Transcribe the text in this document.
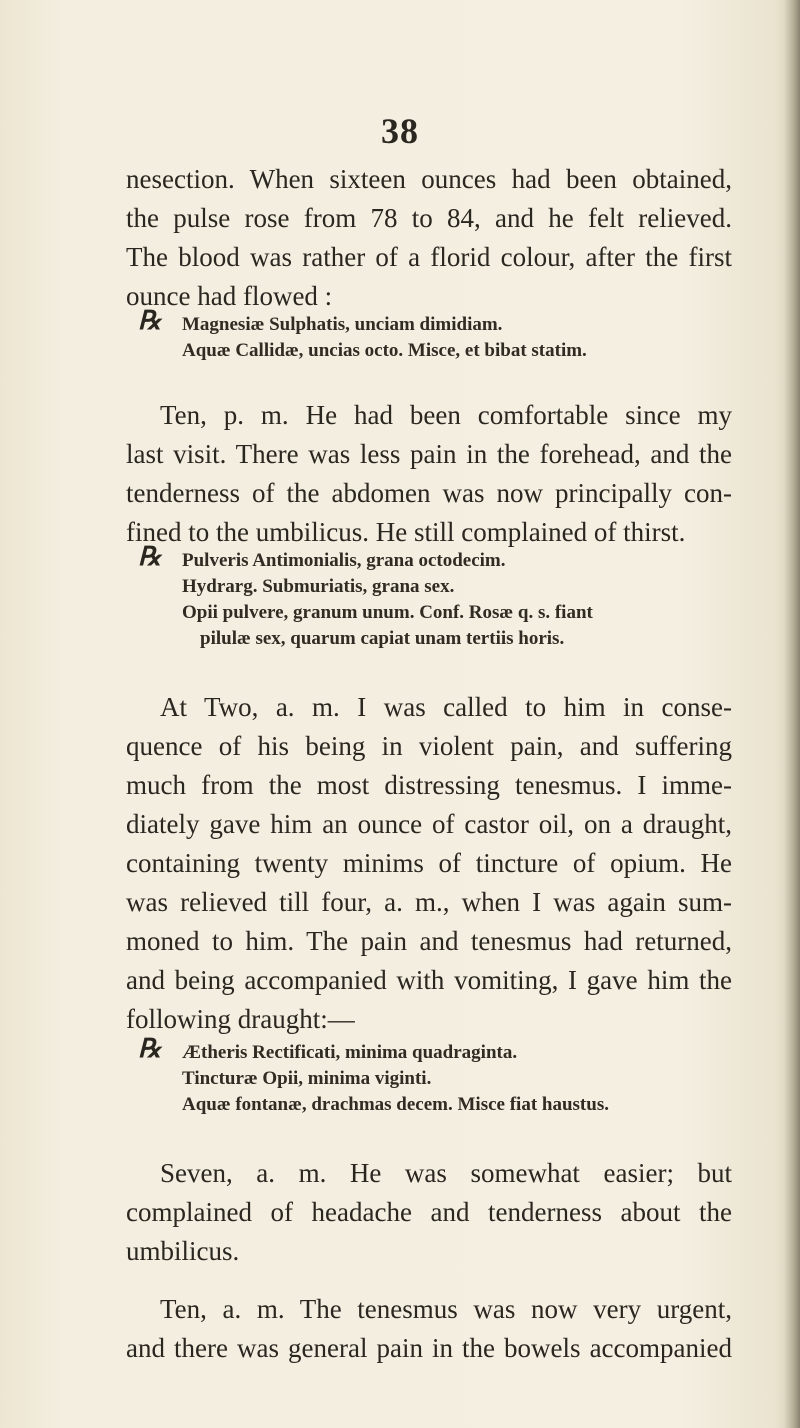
38
nesection. When sixteen ounces had been obtained,
the pulse rose from 78 to 84, and he felt relieved.
The blood was rather of a florid colour, after the first
ounce had flowed :
℞	Magnesiæ Sulphatis, unciam dimidiam.
Aquæ Callidæ, uncias octo. Misce, et bibat statim.
Ten, p. m. He had been comfortable since my
last visit. There was less pain in the forehead, and the
tenderness of the abdomen was now principally con-
fined to the umbilicus. He still complained of thirst.
℞	Pulveris Antimonialis, grana octodecim.
Hydrarg. Submuriatis, grana sex.
Opii pulvere, granum unum. Conf. Rosæ q. s. fiant
pilulæ sex, quarum capiat unam tertiis horis.
At Two, a. m. I was called to him in conse-
quence of his being in violent pain, and suffering
much from the most distressing tenesmus. I imme-
diately gave him an ounce of castor oil, on a draught,
containing twenty minims of tincture of opium. He
was relieved till four, a. m., when I was again sum-
moned to him. The pain and tenesmus had returned,
and being accompanied with vomiting, I gave him the
following draught:—
℞	Ætheris Rectificati, minima quadraginta.
Tincturæ Opii, minima viginti.
Aquæ fontanæ, drachmas decem. Misce fiat haustus.
Seven, a. m. He was somewhat easier; but
complained of headache and tenderness about the
umbilicus.
Ten, a. m. The tenesmus was now very urgent,
and there was general pain in the bowels accompanied
